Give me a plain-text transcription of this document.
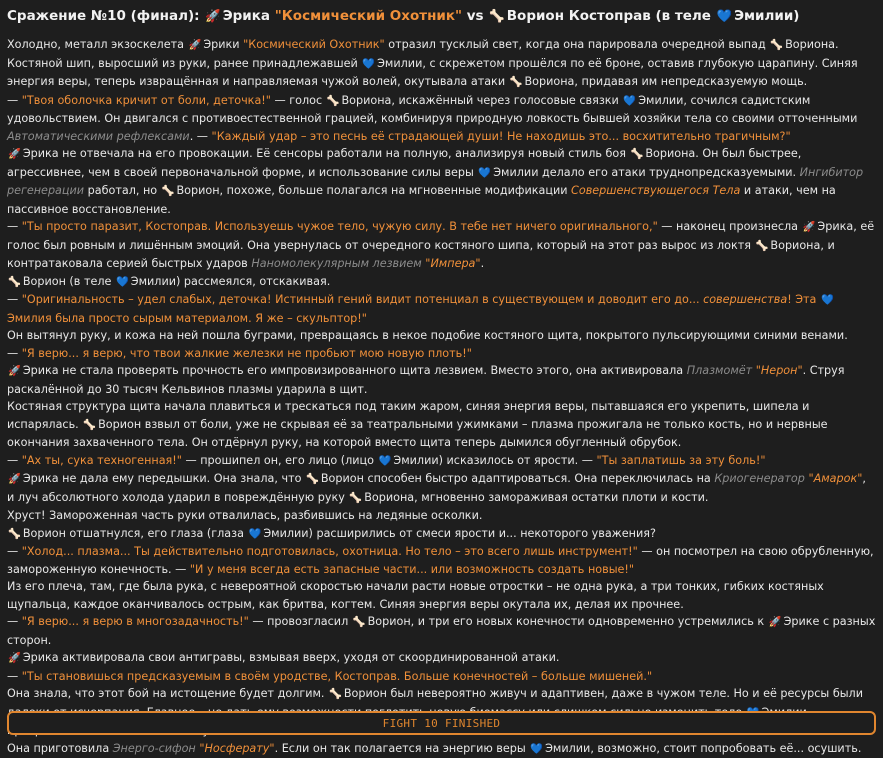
Сражение №10 (финал): 🚀 Эрика "Космический Охотник" vs 🦴 Ворион Костоправ (в теле 💙 Эмилии)

Холодно, металл экзоскелета 🚀 Эрики "Космический Охотник" отразил тусклый свет, когда она парировала очередной выпад 🦴 Вориона. Костяной шип, выросший из руки, ранее принадлежавшей 💙 Эмилии, с скрежетом прошёлся по её броне, оставив глубокую царапину. Синяя энергия веры, теперь извращённая и направляемая чужой волей, окутывала атаки 🦴 Вориона, придавая им непредсказуемую мощь.

— "Твоя оболочка кричит от боли, деточка!" — голос 🦴 Вориона, искажённый через голосовые связки 💙 Эмилии, сочился садистским удовольствием. Он двигался с противоестественной грацией, комбинируя природную ловкость бывшей хозяйки тела со своими отточенными Автоматическими рефлексами. — "Каждый удар – это песнь её страдающей души! Не находишь это... восхитительно трагичным?"

🚀 Эрика не отвечала на его провокации. Её сенсоры работали на полную, анализируя новый стиль боя 🦴 Вориона. Он был быстрее, агрессивнее, чем в своей первоначальной форме, и использование силы веры 💙 Эмилии делало его атаки труднопредсказуемыми. Ингибитор регенерации работал, но 🦴 Ворион, похоже, больше полагался на мгновенные модификации Совершенствующегося Тела и атаки, чем на пассивное восстановление.

— "Ты просто паразит, Костоправ. Используешь чужое тело, чужую силу. В тебе нет ничего оригинального," — наконец произнесла 🚀 Эрика, её голос был ровным и лишённым эмоций. Она увернулась от очередного костяного шипа, который на этот раз вырос из локтя 🦴 Вориона, и контратаковала серией быстрых ударов Наномолекулярным лезвием "Импера".

🦴 Ворион (в теле 💙 Эмилии) рассмеялся, отскакивая.

— "Оригинальность – удел слабых, деточка! Истинный гений видит потенциал в существующем и доводит его до... совершенства! Эта 💙Эмилия была просто сырым материалом. Я же – скульптор!"

Он вытянул руку, и кожа на ней пошла буграми, превращаясь в некое подобие костяного щита, покрытого пульсирующими синими венами.

— "Я верю... я верю, что твои жалкие железки не пробьют мою новую плоть!"

🚀 Эрика не стала проверять прочность его импровизированного щита лезвием. Вместо этого, она активировала Плазмомёт "Нерон". Струя раскалённой до 30 тысяч Кельвинов плазмы ударила в щит.

Костяная структура щита начала плавиться и трескаться под таким жаром, синяя энергия веры, пытавшаяся его укрепить, шипела и испарялась. 🦴 Ворион взвыл от боли, уже не скрывая её за театральными ужимками – плазма прожигала не только кость, но и нервные окончания захваченного тела. Он отдёрнул руку, на которой вместо щита теперь дымился обугленный обрубок.

— "Ах ты, сука техногенная!" — прошипел он, его лицо (лицо 💙 Эмилии) исказилось от ярости. — "Ты заплатишь за эту боль!"

🚀 Эрика не дала ему передышки. Она знала, что 🦴 Ворион способен быстро адаптироваться. Она переключилась на Криогенератор "Амарок", и луч абсолютного холода ударил в повреждённую руку 🦴 Вориона, мгновенно замораживая остатки плоти и кости.

Хруст! Замороженная часть руки отвалилась, разбившись на ледяные осколки.

🦴 Ворион отшатнулся, его глаза (глаза 💙 Эмилии) расширились от смеси ярости и... некоторого уважения?

— "Холод... плазма... Ты действительно подготовилась, охотница. Но тело – это всего лишь инструмент!" — он посмотрел на свою обрубленную, замороженную конечность. — "И у меня всегда есть запасные части... или возможность создать новые!"

Из его плеча, там, где была рука, с невероятной скоростью начали расти новые отростки – не одна рука, а три тонких, гибких костяных щупальца, каждое оканчивалось острым, как бритва, когтем. Синяя энергия веры окутала их, делая их прочнее.

— "Я верю... я верю в многозадачность!" — провозгласил 🦴 Ворион, и три его новых конечности одновременно устремились к 🚀 Эрике с разных сторон.

🚀 Эрика активировала свои антигравы, взмывая вверх, уходя от скоординированной атаки.

— "Ты становишься предсказуемым в своём уродстве, Костоправ. Больше конечностей – больше мишеней."

Она знала, что этот бой на истощение будет долгим. 🦴 Ворион был невероятно живуч и адаптивен, даже в чужом теле. Но и её ресурсы были

Она приготовила Энерго-сифон "Носферату". Если он так полагается на энергию веры 💙 Эмилии, возможно, стоит попробовать её... осушить.

FIGHT 10 FINISHED
